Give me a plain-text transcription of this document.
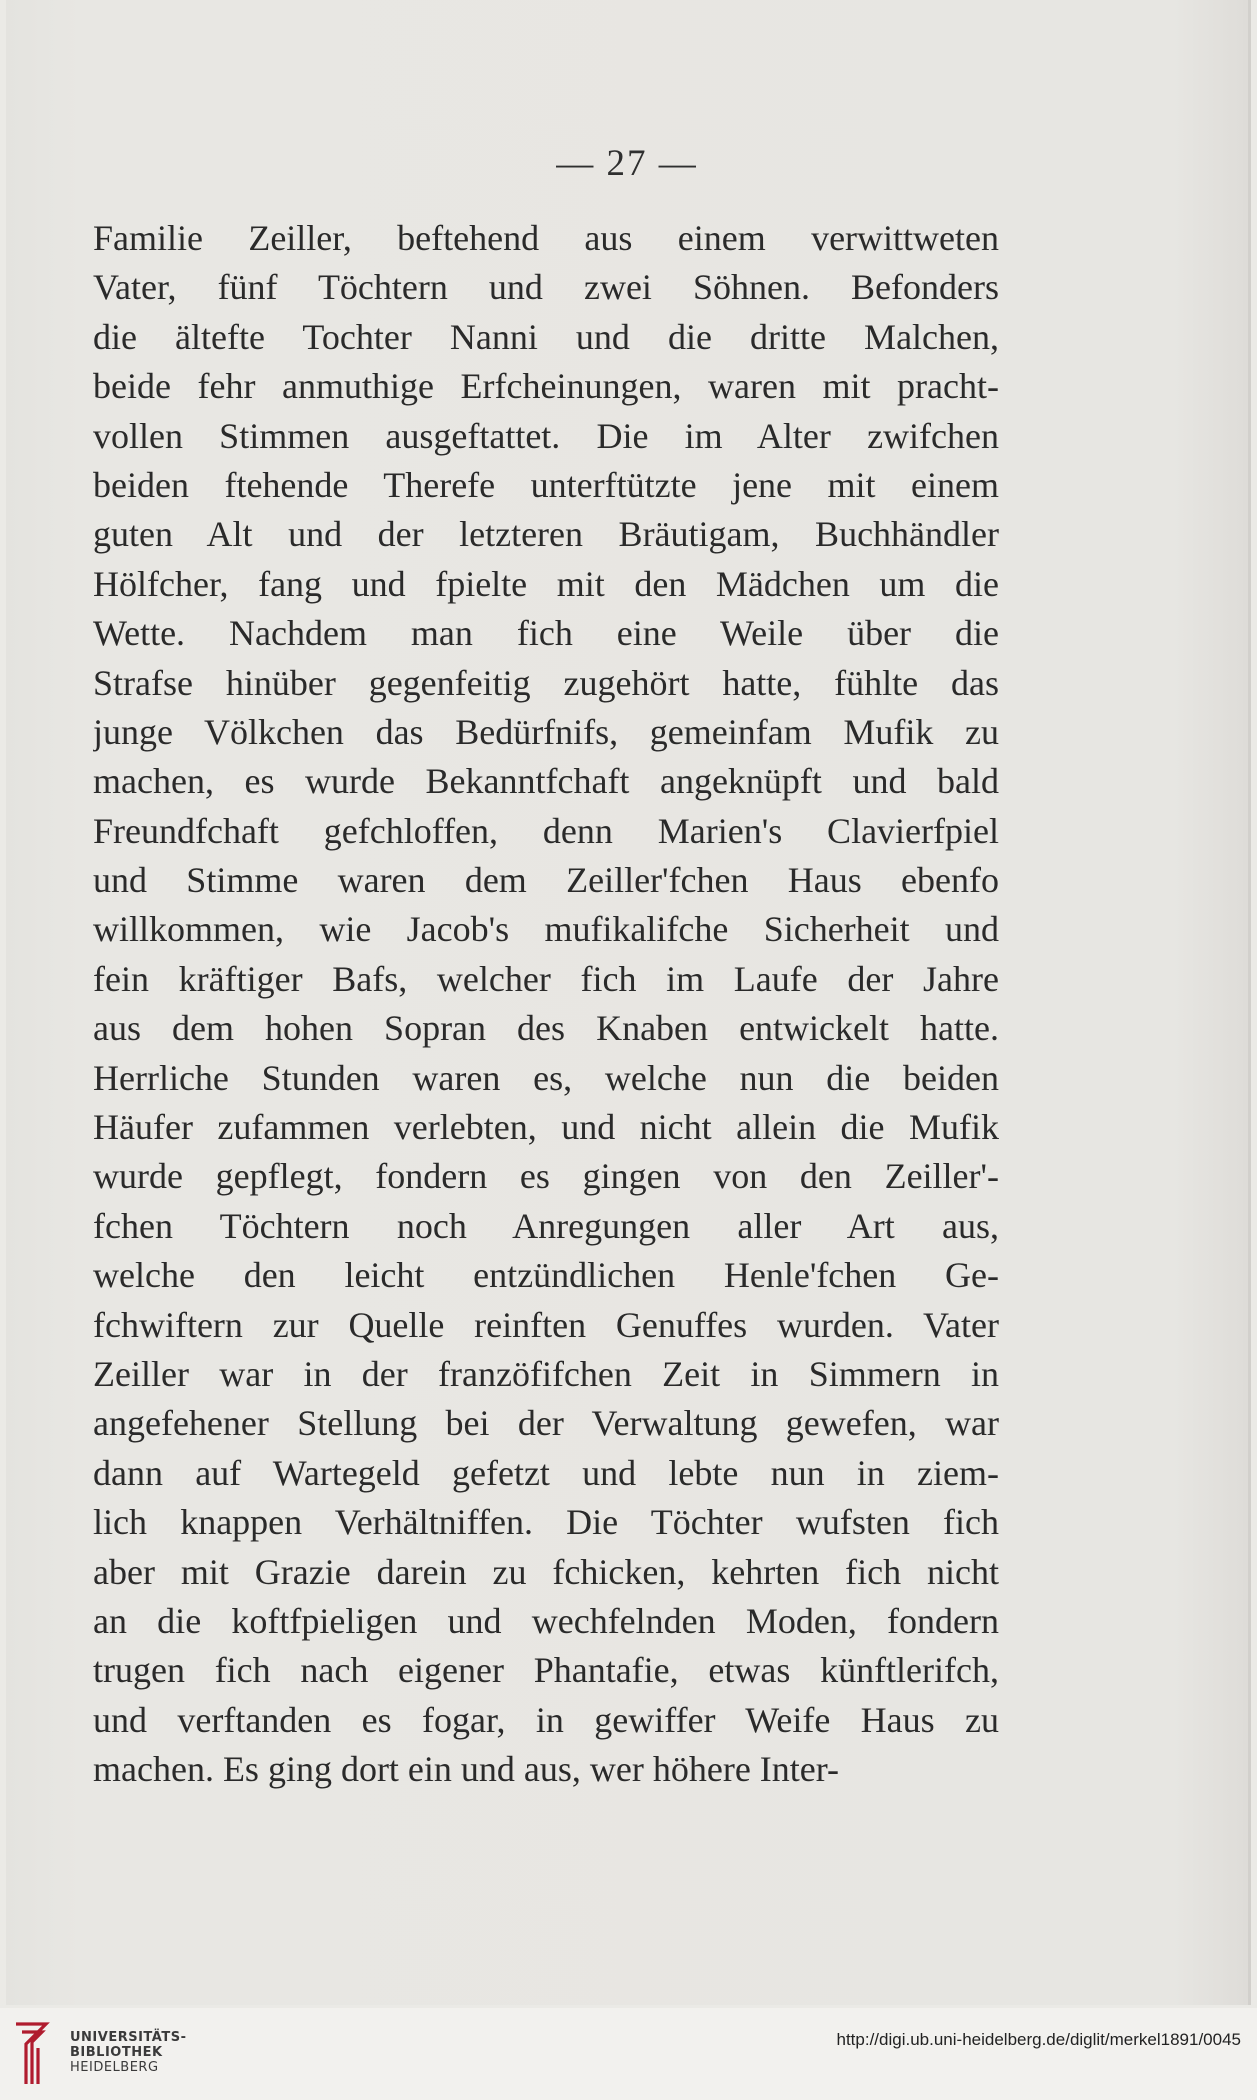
— 27 —
Familie Zeiller, beftehend aus einem verwittweten
Vater, fünf Töchtern und zwei Söhnen. Befonders
die ältefte Tochter Nanni und die dritte Malchen,
beide fehr anmuthige Erfcheinungen, waren mit pracht-
vollen Stimmen ausgeftattet. Die im Alter zwifchen
beiden ftehende Therefe unterftützte jene mit einem
guten Alt und der letzteren Bräutigam, Buchhändler
Hölfcher, fang und fpielte mit den Mädchen um die
Wette. Nachdem man fich eine Weile über die
Strafse hinüber gegenfeitig zugehört hatte, fühlte das
junge Völkchen das Bedürfnifs, gemeinfam Mufik zu
machen, es wurde Bekanntfchaft angeknüpft und bald
Freundfchaft gefchloffen, denn Marien's Clavierfpiel
und Stimme waren dem Zeiller'fchen Haus ebenfo
willkommen, wie Jacob's mufikalifche Sicherheit und
fein kräftiger Bafs, welcher fich im Laufe der Jahre
aus dem hohen Sopran des Knaben entwickelt hatte.
Herrliche Stunden waren es, welche nun die beiden
Häufer zufammen verlebten, und nicht allein die Mufik
wurde gepflegt, fondern es gingen von den Zeiller'-
fchen Töchtern noch Anregungen aller Art aus,
welche den leicht entzündlichen Henle'fchen Ge-
fchwiftern zur Quelle reinften Genuffes wurden. Vater
Zeiller war in der franzöfifchen Zeit in Simmern in
angefehener Stellung bei der Verwaltung gewefen, war
dann auf Wartegeld gefetzt und lebte nun in ziem-
lich knappen Verhältniffen. Die Töchter wufsten fich
aber mit Grazie darein zu fchicken, kehrten fich nicht
an die koftfpieligen und wechfelnden Moden, fondern
trugen fich nach eigener Phantafie, etwas künftlerifch,
und verftanden es fogar, in gewiffer Weife Haus zu
machen. Es ging dort ein und aus, wer höhere Inter-
UNIVERSITÄTS-
BIBLIOTHEK
HEIDELBERG
http://digi.ub.uni-heidelberg.de/diglit/merkel1891/0045
